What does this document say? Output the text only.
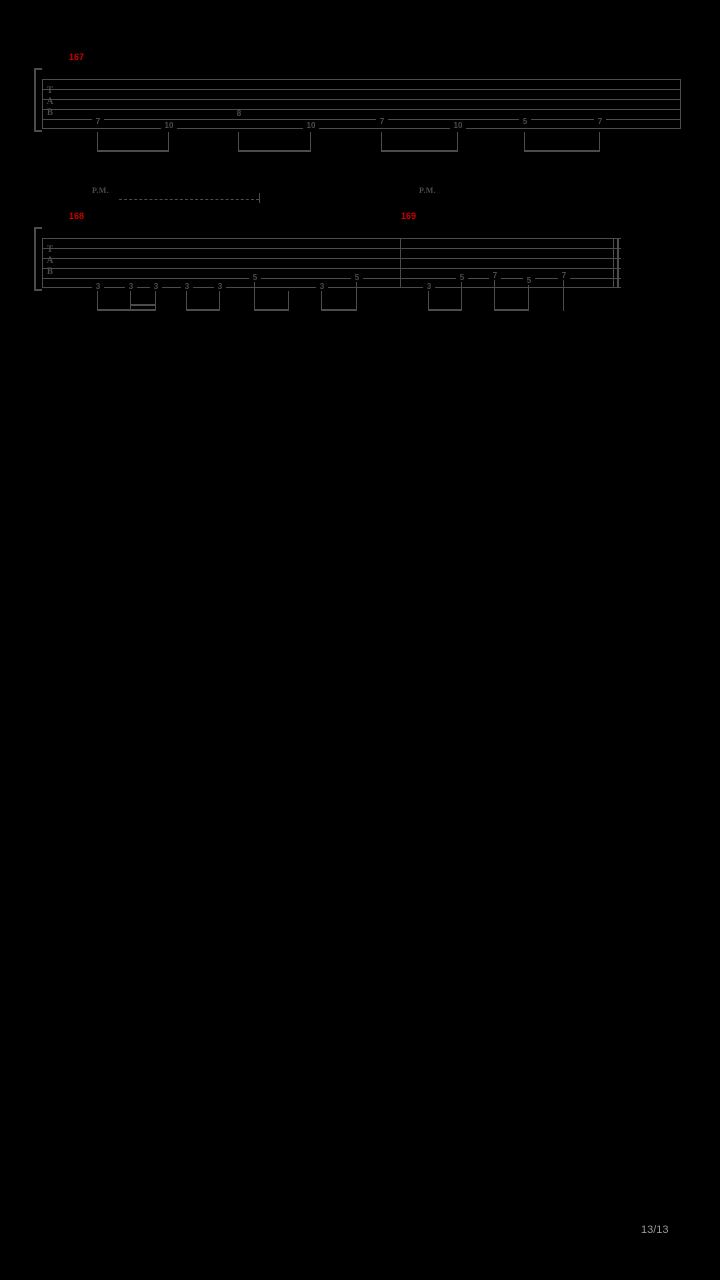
167
T
A
B
7	10
8
10	7	10	5	7
P.M.	P.M.
168	169
T
A
B
3	3	3	3	3
5
3
5
3
5	7
5
7
13/13
